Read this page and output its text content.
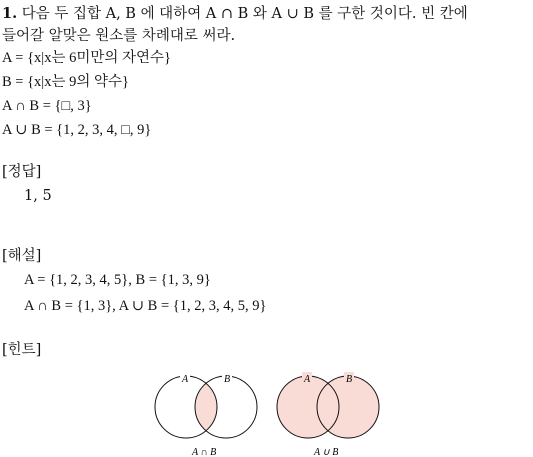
1. 다음 두 집합 A, B 에 대하여 A ∩ B 와 A ∪ B 를 구한 것이다. 빈 칸에
들어갈 알맞은 원소를 차례대로 써라.
A = {x|x는 6미만의 자연수}
B = {x|x는 9의 약수}
A ∩ B = {□, 3}
A ∪ B = {1, 2, 3, 4, □, 9}
[정답]
1, 5
[해설]
A = {1, 2, 3, 4, 5}, B = {1, 3, 9}
A ∩ B = {1, 3}, A ∪ B = {1, 2, 3, 4, 5, 9}
[힌트]
A	B
A ∩ B
A	B
A ∪ B
